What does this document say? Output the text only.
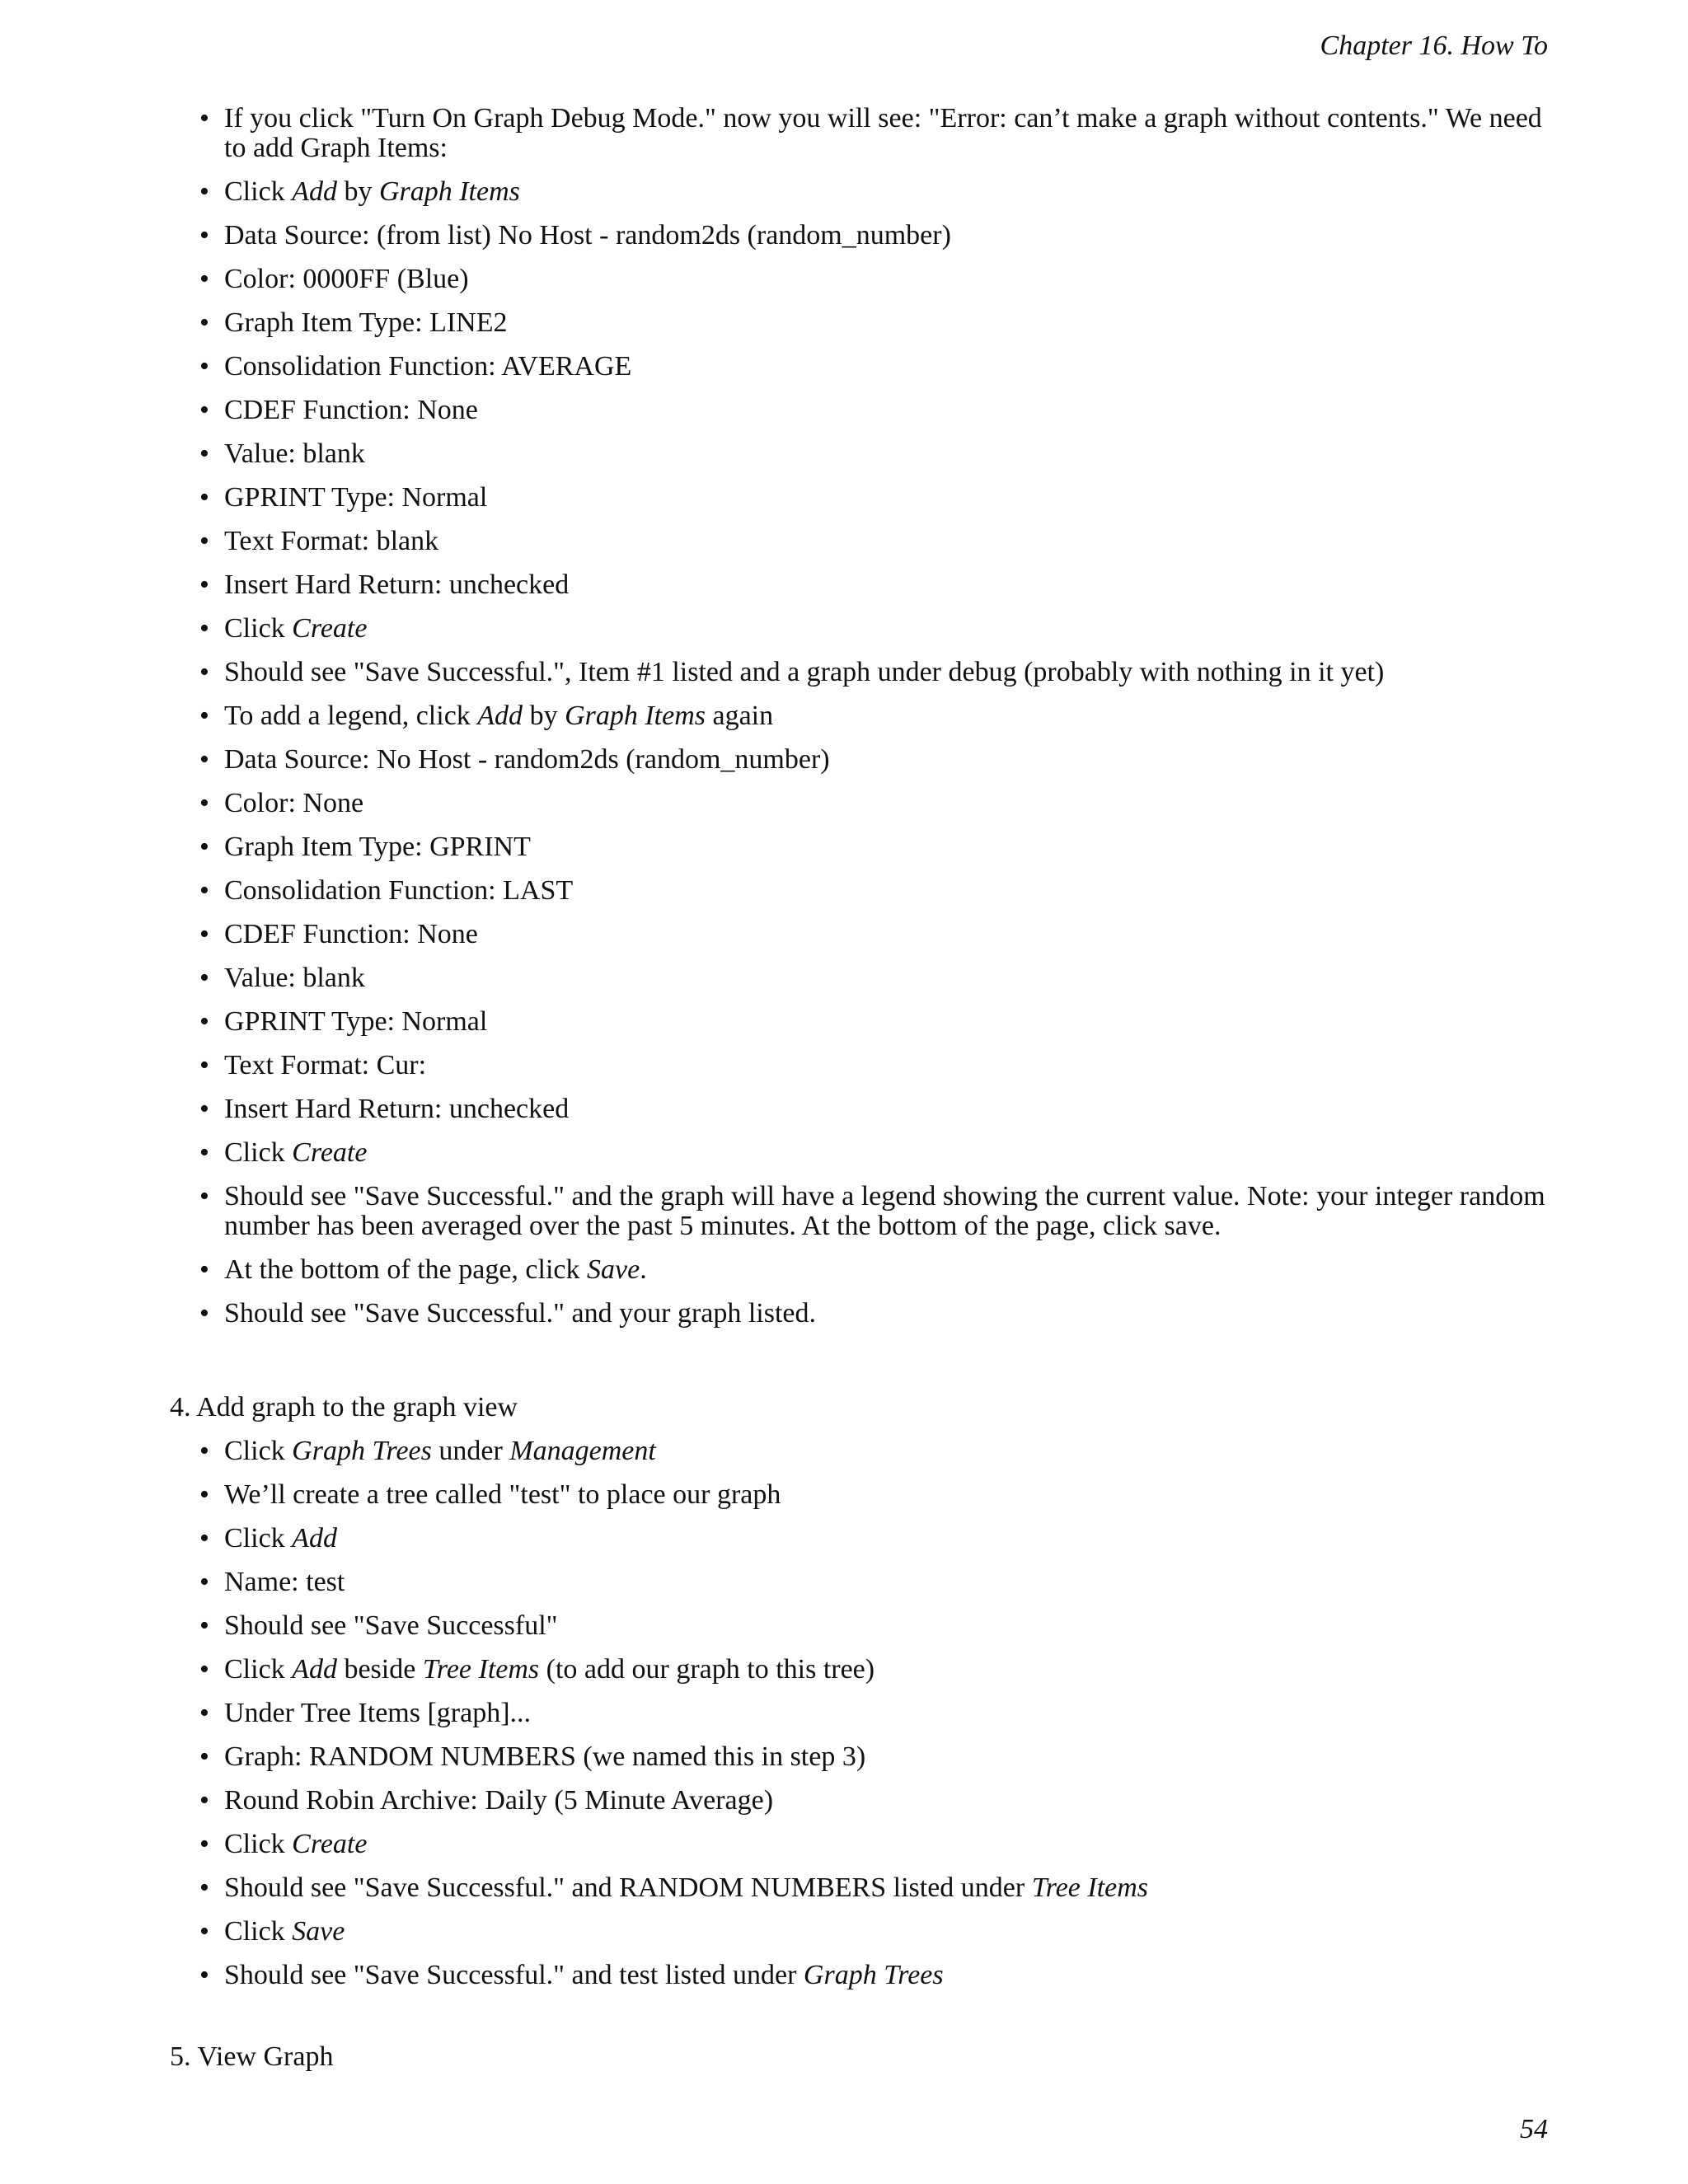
Chapter 16. How To
• If you click "Turn On Graph Debug Mode." now you will see: "Error: can’t make a graph without contents." We need to add Graph Items:
• Click Add by Graph Items
• Data Source: (from list) No Host - random2ds (random_number)
• Color: 0000FF (Blue)
• Graph Item Type: LINE2
• Consolidation Function: AVERAGE
• CDEF Function: None
• Value: blank
• GPRINT Type: Normal
• Text Format: blank
• Insert Hard Return: unchecked
• Click Create
• Should see "Save Successful.", Item #1 listed and a graph under debug (probably with nothing in it yet)
• To add a legend, click Add by Graph Items again
• Data Source: No Host - random2ds (random_number)
• Color: None
• Graph Item Type: GPRINT
• Consolidation Function: LAST
• CDEF Function: None
• Value: blank
• GPRINT Type: Normal
• Text Format: Cur:
• Insert Hard Return: unchecked
• Click Create
• Should see "Save Successful." and the graph will have a legend showing the current value. Note: your integer random number has been averaged over the past 5 minutes. At the bottom of the page, click save.
• At the bottom of the page, click Save.
• Should see "Save Successful." and your graph listed.
4. Add graph to the graph view
• Click Graph Trees under Management
• We’ll create a tree called "test" to place our graph
• Click Add
• Name: test
• Should see "Save Successful"
• Click Add beside Tree Items (to add our graph to this tree)
• Under Tree Items [graph]...
• Graph: RANDOM NUMBERS (we named this in step 3)
• Round Robin Archive: Daily (5 Minute Average)
• Click Create
• Should see "Save Successful." and RANDOM NUMBERS listed under Tree Items
• Click Save
• Should see "Save Successful." and test listed under Graph Trees
5. View Graph
54
